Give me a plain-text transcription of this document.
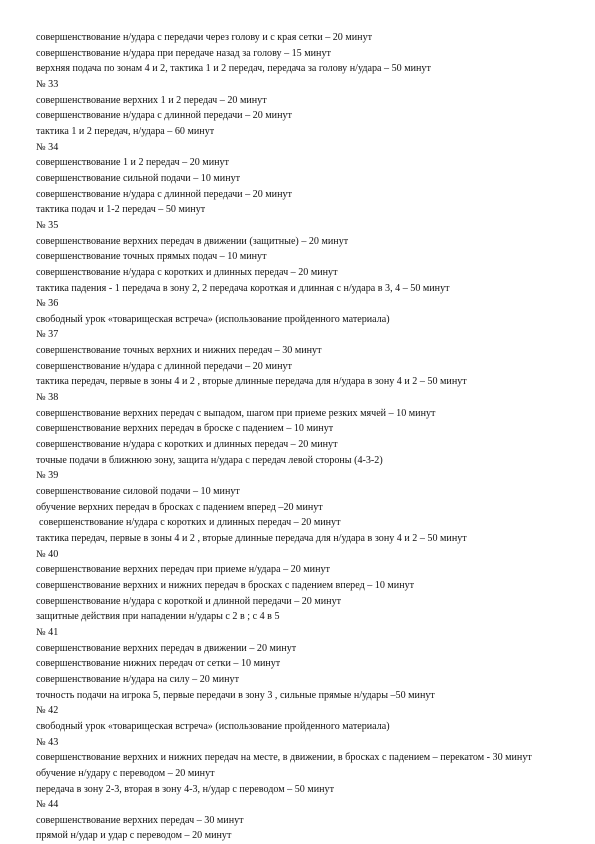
совершенствование н/удара с передачи через голову и с края сетки – 20 минут
совершенствование н/удара при передаче назад за голову – 15 минут
верхняя подача по зонам 4 и 2, тактика 1 и 2 передач, передача за голову н/удара – 50 минут
№ 33
совершенствование верхних 1 и 2 передач – 20 минут
совершенствование н/удара с длинной передачи – 20 минут
тактика 1 и 2 передач, н/удара – 60 минут
№ 34
совершенствование 1 и 2 передач – 20 минут
совершенствование сильной подачи – 10 минут
совершенствование н/удара с длинной передачи – 20 минут
тактика подач и 1-2 передач – 50 минут
№ 35
совершенствование верхних передач в движении (защитные) – 20 минут
совершенствование точных прямых подач – 10 минут
совершенствование н/удара с коротких и длинных передач – 20 минут
тактика падения - 1 передача в зону 2, 2 передача короткая и длинная с н/удара в 3, 4 – 50 минут
№ 36
свободный урок «товарищеская встреча» (использование пройденного материала)
№ 37
совершенствование точных верхних и нижних передач – 30 минут
совершенствование н/удара с длинной передачи – 20 минут
тактика передач, первые в зоны 4 и 2 , вторые длинные передача для н/удара в зону 4 и 2 – 50 минут
№ 38
совершенствование верхних передач с выпадом, шагом при приеме резких мячей – 10 минут
совершенствование верхних передач в броске с падением – 10 минут
совершенствование н/удара с коротких и длинных передач – 20 минут
точные подачи в ближнюю зону, защита н/удара с передач левой стороны (4-3-2)
№ 39
совершенствование силовой подачи – 10 минут
обучение верхних передач в бросках с падением вперед –20 минут
совершенствование н/удара с коротких и длинных передач – 20 минут
тактика передач, первые в зоны 4 и 2 , вторые длинные передача для н/удара в зону 4 и 2 – 50 минут
№ 40
совершенствование верхних передач при приеме н/удара – 20 минут
совершенствование верхних и нижних передач в бросках с падением вперед – 10 минут
совершенствование н/удара с короткой и длинной передачи – 20 минут
защитные действия при нападении н/удары с 2 в ; с 4 в 5
№ 41
совершенствование верхних передач в движении – 20 минут
совершенствование нижних передач от сетки – 10 минут
совершенствование н/удара на силу – 20 минут
точность подачи на игрока 5, первые передачи в зону 3 , сильные прямые н/удары –50 минут
№ 42
свободный урок «товарищеская встреча» (использование пройденного материала)
№ 43
совершенствование верхних и нижних передач на месте, в движении, в бросках с падением – перекатом - 30 минут
обучение н/удару с переводом – 20 минут
передача в зону 2-3, вторая в зону 4-3, н/удар с переводом – 50 минут
№ 44
совершенствование верхних передач – 30 минут
прямой н/удар и удар с переводом – 20 минут
